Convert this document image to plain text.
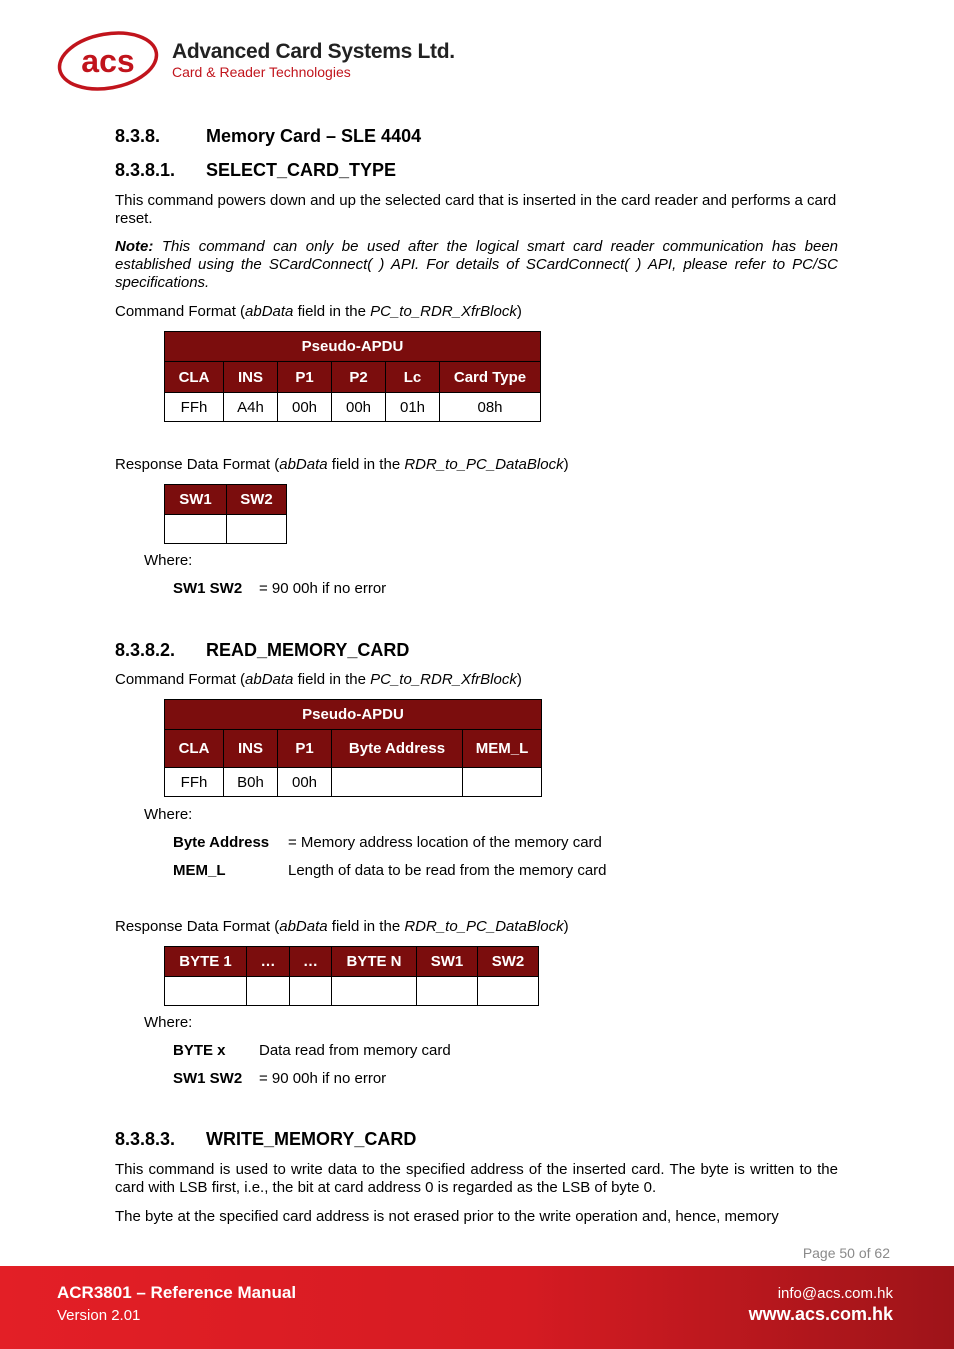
acs Advanced Card Systems Ltd.
Card & Reader Technologies
8.3.8.	Memory Card – SLE 4404
8.3.8.1. SELECT_CARD_TYPE
This command powers down and up the selected card that is inserted in the card reader and performs a card reset.
Note: This command can only be used after the logical smart card reader communication has been established using the SCardConnect( ) API. For details of SCardConnect( ) API, please refer to PC/SC specifications.
Command Format (abData field in the PC_to_RDR_XfrBlock)
Pseudo-APDU					
CLA	INS	P1	P2	Lc	Card Type
FFh	A4h	00h	00h	01h	08h
Response Data Format (abData field in the RDR_to_PC_DataBlock)
SW1	SW2

Where:
SW1 SW2 = 90 00h if no error
8.3.8.2. READ_MEMORY_CARD
Command Format (abData field in the PC_to_RDR_XfrBlock)
Pseudo-APDU				
CLA	INS	P1	Byte Address	MEM_L
FFh	B0h	00h		
Where:
Byte Address = Memory address location of the memory card
MEM_L	Length of data to be read from the memory card
Response Data Format (abData field in the RDR_to_PC_DataBlock)
BYTE 1	…	…	BYTE N	SW1	SW2

Where:
BYTE x Data read from memory card
SW1 SW2 = 90 00h if no error
8.3.8.3. WRITE_MEMORY_CARD
This command is used to write data to the specified address of the inserted card. The byte is written to the card with LSB first, i.e., the bit at card address 0 is regarded as the LSB of byte 0.
The byte at the specified card address is not erased prior to the write operation and, hence, memory
Page 50 of 62
ACR3801 – Reference Manual
Version 2.01
info@acs.com.hk
www.acs.com.hk
